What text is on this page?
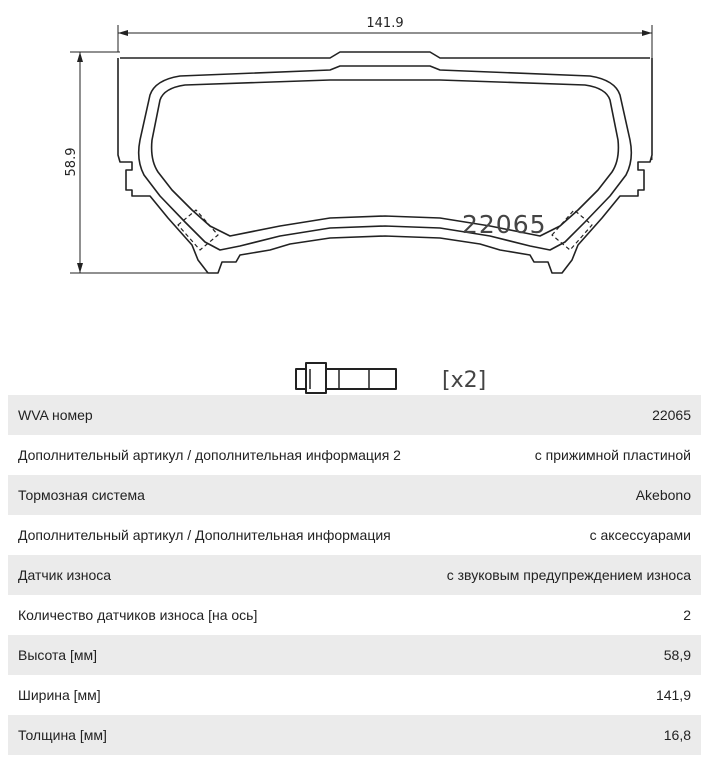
141.9
58.9
22065
[x2]
WVA номер	22065
Дополнительный артикул / дополнительная информация 2	с прижимной пластиной
Тормозная система	Akebono
Дополнительный артикул / Дополнительная информация	с аксессуарами
Датчик износа	с звуковым предупреждением износа
Количество датчиков износа [на ось]	2
Высота [мм]	58,9
Ширина [мм]	141,9
Толщина [мм]	16,8
